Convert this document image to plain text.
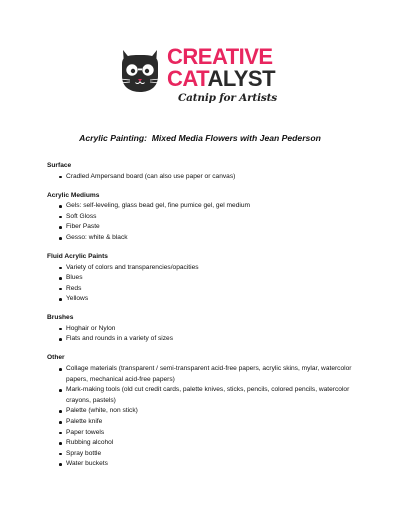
CREATIVE
CATALYST
Catnip for Artists
Acrylic Painting:  Mixed Media Flowers with Jean Pederson
Surface
Cradled Ampersand board (can also use paper or canvas)
Acrylic Mediums
Gels: self-leveling, glass bead gel, fine pumice gel, gel medium
Soft Gloss
Fiber Paste
Gesso: white & black
Fluid Acrylic Paints
Variety of colors and transparencies/opacities
Blues
Reds
Yellows
Brushes
Hoghair or Nylon
Flats and rounds in a variety of sizes
Other
Collage materials (transparent / semi-transparent acid-free papers, acrylic skins, mylar, watercolor papers, mechanical acid-free papers)
Mark-making tools (old cut credit cards, palette knives, sticks, pencils, colored pencils, watercolor crayons, pastels)
Palette (white, non stick)
Palette knife
Paper towels
Rubbing alcohol
Spray bottle
Water buckets
